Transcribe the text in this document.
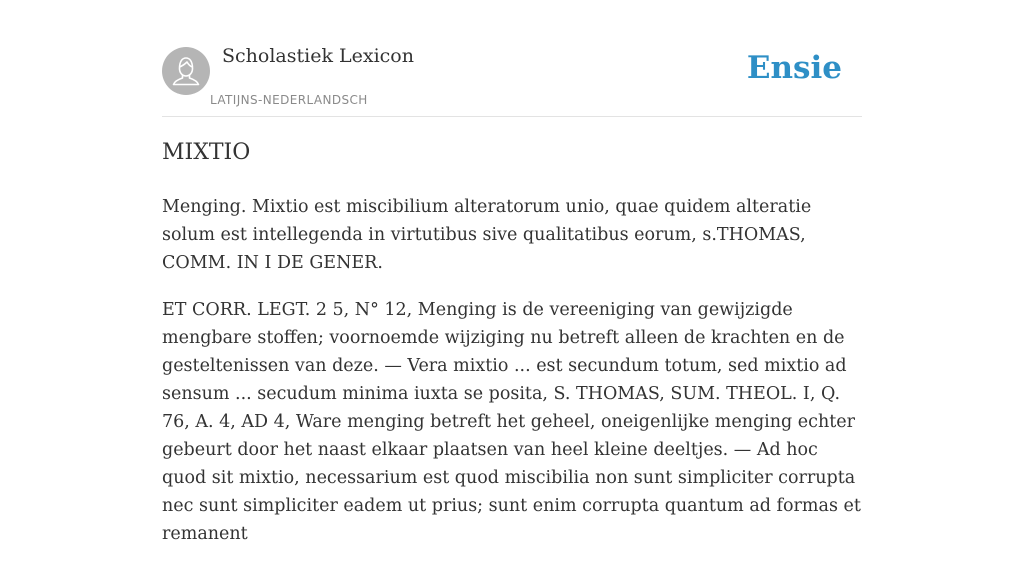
Scholastiek Lexicon
LATIJNS-NEDERLANDSCH
Ensie
MIXTIO

Menging. Mixtio est miscibilium alteratorum unio, quae quidem alteratie solum est intellegenda in virtutibus sive qualitatibus eorum, s.THOMAS, COMM. IN I DE GENER.

ET CORR. LEGT. 2 5, N° 12, Menging is de vereeniging van gewijzigde mengbare stoffen; voornoemde wijziging nu betreft alleen de krachten en de gesteltenissen van deze. — Vera mixtio ... est secundum totum, sed mixtio ad sensum ... secudum minima iuxta se posita, S. THOMAS, SUM. THEOL. I, Q. 76, A. 4, AD 4, Ware menging betreft het geheel, oneigenlijke menging echter gebeurt door het naast elkaar plaatsen van heel kleine deeltjes. — Ad hoc quod sit mixtio, necessarium est quod miscibilia non sunt simpliciter corrupta nec sunt simpliciter eadem ut prius; sunt enim corrupta quantum ad formas et remanent
